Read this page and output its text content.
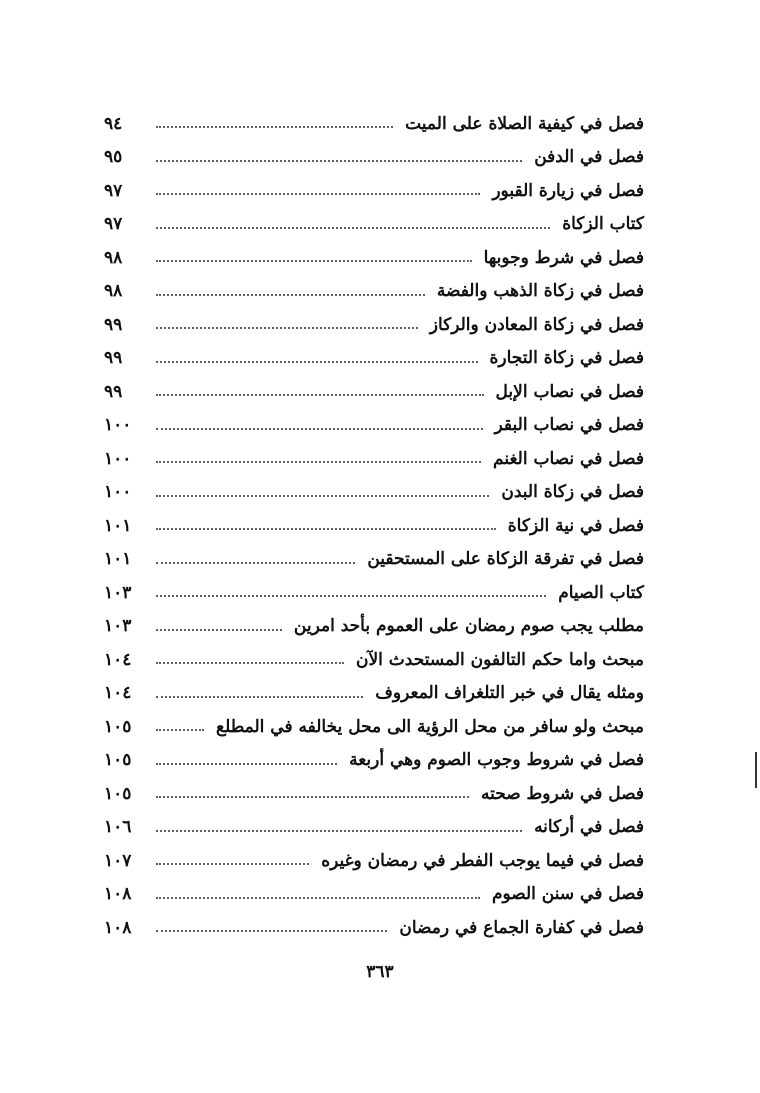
فصل في كيفية الصلاة على الميت
٩٤
فصل في الدفن
٩٥
فصل في زيارة القبور
٩٧
كتاب الزكاة
٩٧
فصل في شرط وجوبها
٩٨
فصل في زكاة الذهب والفضة
٩٨
فصل في زكاة المعادن والركاز
٩٩
فصل في زكاة التجارة
٩٩
فصل في نصاب الإبل
٩٩
فصل في نصاب البقر
١٠٠
فصل في نصاب الغنم
١٠٠
فصل في زكاة البدن
١٠٠
فصل في نية الزكاة
١٠١
فصل في تفرقة الزكاة على المستحقين
١٠١
كتاب الصيام
١٠٣
مطلب يجب صوم رمضان على العموم بأحد امرين
١٠٣
مبحث واما حكم التالفون المستحدث الآن
١٠٤
ومثله يقال في خبر التلغراف المعروف
١٠٤
مبحث ولو سافر من محل الرؤية الى محل يخالفه في المطلع
١٠٥
فصل في شروط وجوب الصوم وهي أربعة
١٠٥
فصل في شروط صحته
١٠٥
فصل في أركانه
١٠٦
فصل في فيما يوجب الفطر في رمضان وغيره
١٠٧
فصل في سنن الصوم
١٠٨
فصل في كفارة الجماع في رمضان
١٠٨
٣٦٣
